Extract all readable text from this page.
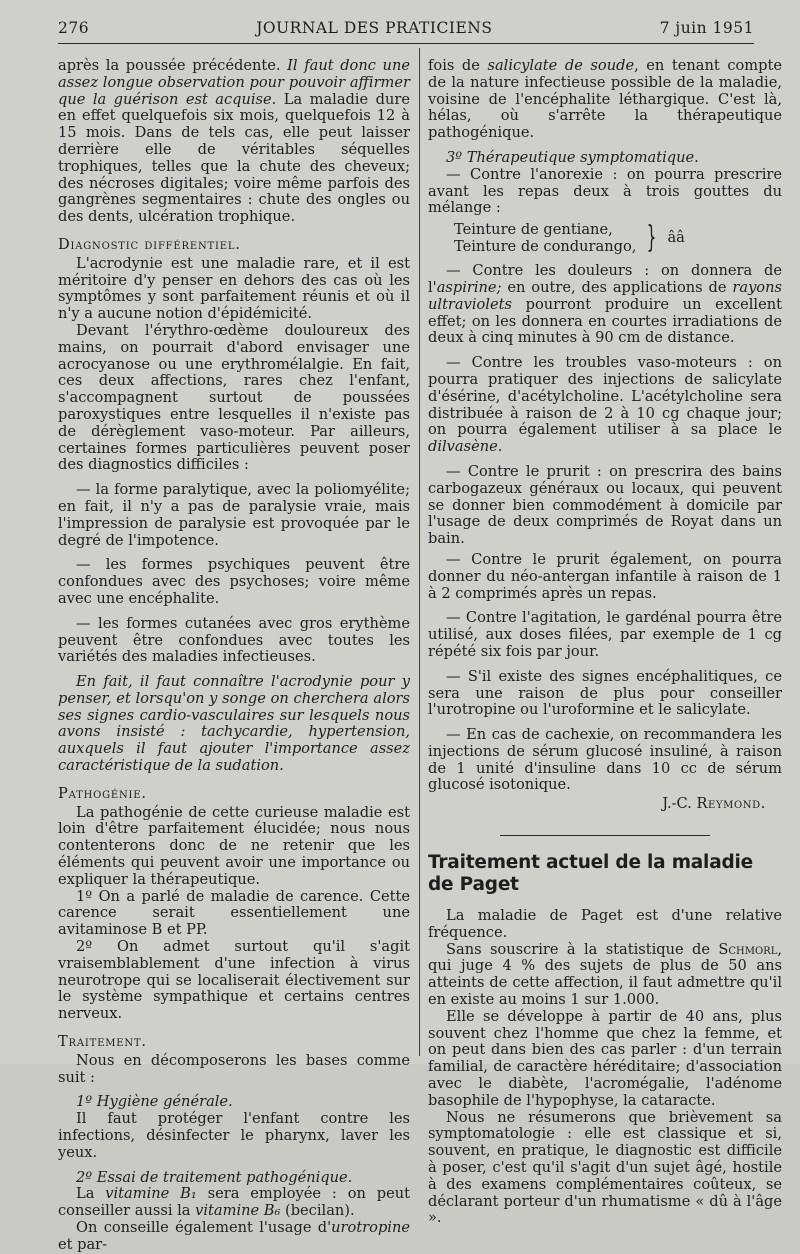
276	JOURNAL DES PRATICIENS	7 juin 1951

après la poussée précédente. Il faut donc une assez longue observation pour pouvoir affirmer que la guérison est acquise. La maladie dure en effet quelquefois six mois, quelquefois 12 à 15 mois. Dans de tels cas, elle peut laisser derrière elle de véritables séquelles trophiques, telles que la chute des cheveux; des nécroses digitales; voire même parfois des gangrènes segmentaires : chute des ongles ou des dents, ulcération trophique.

Diagnostic différentiel.

L'acrodynie est une maladie rare, et il est méritoire d'y penser en dehors des cas où les symptômes y sont parfaitement réunis et où il n'y a aucune notion d'épidémicité.

Devant l'érythro-œdème douloureux des mains, on pourrait d'abord envisager une acrocyanose ou une erythromélalgie. En fait, ces deux affections, rares chez l'enfant, s'accompagnent surtout de poussées paroxystiques entre lesquelles il n'existe pas de dérèglement vaso-moteur. Par ailleurs, certaines formes particulières peuvent poser des diagnostics difficiles :

— la forme paralytique, avec la poliomyélite; en fait, il n'y a pas de paralysie vraie, mais l'impression de paralysie est provoquée par le degré de l'impotence.

— les formes psychiques peuvent être confondues avec des psychoses; voire même avec une encéphalite.

— les formes cutanées avec gros erythème peuvent être confondues avec toutes les variétés des maladies infectieuses.

En fait, il faut connaître l'acrodynie pour y penser, et lorsqu'on y songe on cherchera alors ses signes cardio-vasculaires sur lesquels nous avons insisté : tachycardie, hypertension, auxquels il faut ajouter l'importance assez caractéristique de la sudation.

Pathogénie.

La pathogénie de cette curieuse maladie est loin d'être parfaitement élucidée; nous nous contenterons donc de ne retenir que les éléments qui peuvent avoir une importance ou expliquer la thérapeutique.

1º On a parlé de maladie de carence. Cette carence serait essentiellement une avitaminose B et PP.

2º On admet surtout qu'il s'agit vraisemblablement d'une infection à virus neurotrope qui se localiserait électivement sur le système sympathique et certains centres nerveux.

Traitement.

Nous en décomposerons les bases comme suit :

1º Hygiène générale.

Il faut protéger l'enfant contre les infections, désinfecter le pharynx, laver les yeux.

2º Essai de traitement pathogénique.

La vitamine B₁ sera employée : on peut conseiller aussi la vitamine B₆ (becilan).

On conseille également l'usage d'urotropine et par-

fois de salicylate de soude, en tenant compte de la nature infectieuse possible de la maladie, voisine de l'encéphalite léthargique. C'est là, hélas, où s'arrête la thérapeutique pathogénique.

3º Thérapeutique symptomatique.

— Contre l'anorexie : on pourra prescrire avant les repas deux à trois gouttes du mélange :

Teinture de gentiane,
Teinture de condurango, } ââ

— Contre les douleurs : on donnera de l'aspirine; en outre, des applications de rayons ultraviolets pourront produire un excellent effet; on les donnera en courtes irradiations de deux à cinq minutes à 90 cm de distance.

— Contre les troubles vaso-moteurs : on pourra pratiquer des injections de salicylate d'ésérine, d'acétylcholine. L'acétylcholine sera distribuée à raison de 2 à 10 cg chaque jour; on pourra également utiliser à sa place le dilvasène.

— Contre le prurit : on prescrira des bains carbogazeux généraux ou locaux, qui peuvent se donner bien commodément à domicile par l'usage de deux comprimés de Royat dans un bain.

— Contre le prurit également, on pourra donner du néo-antergan infantile à raison de 1 à 2 comprimés après un repas.

— Contre l'agitation, le gardénal pourra être utilisé, aux doses filées, par exemple de 1 cg répété six fois par jour.

— S'il existe des signes encéphalitiques, ce sera une raison de plus pour conseiller l'urotropine ou l'uroformine et le salicylate.

— En cas de cachexie, on recommandera les injections de sérum glucosé insuliné, à raison de 1 unité d'insuline dans 10 cc de sérum glucosé isotonique.

J.-C. Reymond.

Traitement actuel de la maladie de Paget

La maladie de Paget est d'une relative fréquence.

Sans souscrire à la statistique de Schmorl, qui juge 4 % des sujets de plus de 50 ans atteints de cette affection, il faut admettre qu'il en existe au moins 1 sur 1.000.

Elle se développe à partir de 40 ans, plus souvent chez l'homme que chez la femme, et on peut dans bien des cas parler : d'un terrain familial, de caractère héréditaire; d'association avec le diabète, l'acromégalie, l'adénome basophile de l'hypophyse, la cataracte.

Nous ne résumerons que brièvement sa symptomatologie : elle est classique et si, souvent, en pratique, le diagnostic est difficile à poser, c'est qu'il s'agit d'un sujet âgé, hostile à des examens complémentaires coûteux, se déclarant porteur d'un rhumatisme « dû à l'âge ».
